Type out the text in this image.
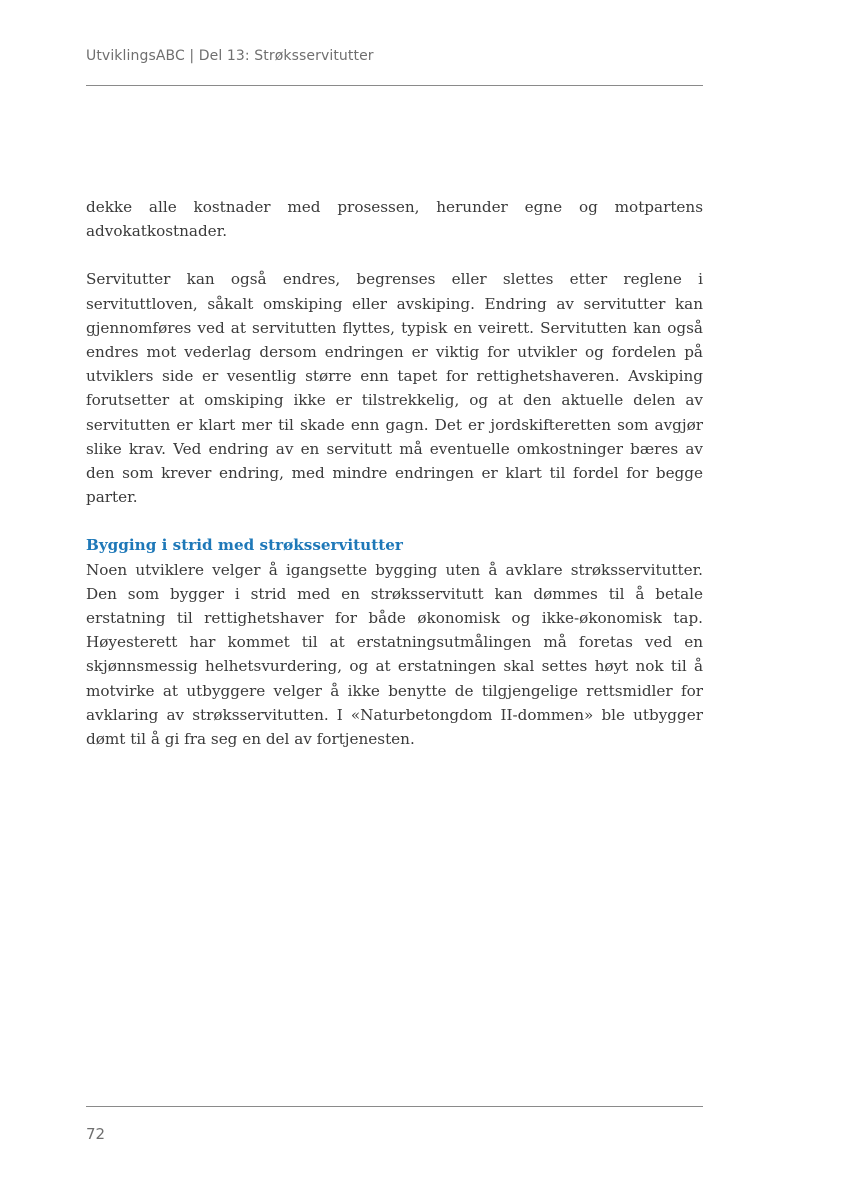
UtviklingsABC | Del 13: Strøksservitutter

dekke alle kostnader med prosessen, herunder egne og motpartens advokatkostnader.

Servitutter kan også endres, begrenses eller slettes etter reglene i servituttloven, såkalt omskiping eller avskiping. Endring av servitutter kan gjennomføres ved at servitutten flyttes, typisk en veirett. Servitutten kan også endres mot vederlag dersom endringen er viktig for utvikler og fordelen på utviklers side er vesentlig større enn tapet for rettighetshaveren. Avskiping forutsetter at omskiping ikke er tilstrekkelig, og at den aktuelle delen av servitutten er klart mer til skade enn gagn. Det er jordskifteretten som avgjør slike krav. Ved endring av en servitutt må eventuelle omkostninger bæres av den som krever endring, med mindre endringen er klart til fordel for begge parter.

Bygging i strid med strøksservitutter

Noen utviklere velger å igangsette bygging uten å avklare strøksservitutter. Den som bygger i strid med en strøksservitutt kan dømmes til å betale erstatning til rettighetshaver for både økonomisk og ikke-økonomisk tap. Høyesterett har kommet til at erstatningsutmålingen må foretas ved en skjønnsmessig helhetsvurdering, og at erstatningen skal settes høyt nok til å motvirke at utbyggere velger å ikke benytte de tilgjengelige rettsmidler for avklaring av strøksservitutten. I «Naturbetongdom II-dommen» ble utbygger dømt til å gi fra seg en del av fortjenesten.

72
